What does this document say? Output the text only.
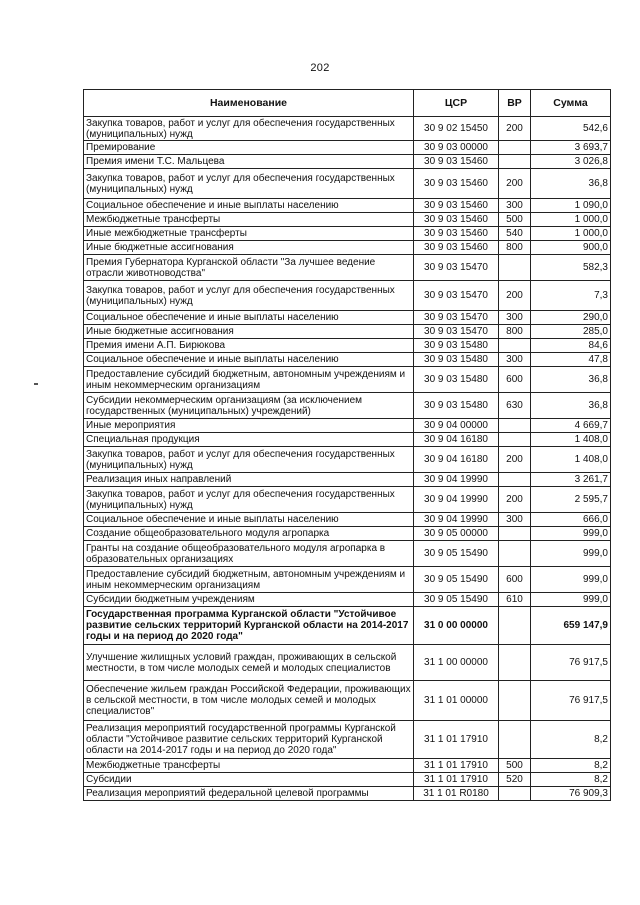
202
Наименование	ЦСР	ВР	Сумма
Закупка товаров, работ и услуг для обеспечения государственных (муниципальных) нужд	30 9 02 15450	200	542,6
Премирование	30 9 03 00000		3 693,7
Премия имени Т.С. Мальцева	30 9 03 15460		3 026,8
Закупка товаров, работ и услуг для обеспечения государственных (муниципальных) нужд	30 9 03 15460	200	36,8
Социальное обеспечение и иные выплаты населению	30 9 03 15460	300	1 090,0
Межбюджетные трансферты	30 9 03 15460	500	1 000,0
Иные межбюджетные трансферты	30 9 03 15460	540	1 000,0
Иные бюджетные ассигнования	30 9 03 15460	800	900,0
Премия Губернатора Курганской области "За лучшее ведение отрасли животноводства"	30 9 03 15470		582,3
Закупка товаров, работ и услуг для обеспечения государственных (муниципальных) нужд	30 9 03 15470	200	7,3
Социальное обеспечение и иные выплаты населению	30 9 03 15470	300	290,0
Иные бюджетные ассигнования	30 9 03 15470	800	285,0
Премия имени А.П. Бирюкова	30 9 03 15480		84,6
Социальное обеспечение и иные выплаты населению	30 9 03 15480	300	47,8
Предоставление субсидий бюджетным, автономным учреждениям и иным некоммерческим организациям	30 9 03 15480	600	36,8
Субсидии некоммерческим организациям (за исключением государственных (муниципальных) учреждений)	30 9 03 15480	630	36,8
Иные мероприятия	30 9 04 00000		4 669,7
Специальная продукция	30 9 04 16180		1 408,0
Закупка товаров, работ и услуг для обеспечения государственных (муниципальных) нужд	30 9 04 16180	200	1 408,0
Реализация иных направлений	30 9 04 19990		3 261,7
Закупка товаров, работ и услуг для обеспечения государственных (муниципальных) нужд	30 9 04 19990	200	2 595,7
Социальное обеспечение и иные выплаты населению	30 9 04 19990	300	666,0
Создание общеобразовательного модуля агропарка	30 9 05 00000		999,0
Гранты на создание общеобразовательного модуля агропарка в образовательных организациях	30 9 05 15490		999,0
Предоставление субсидий бюджетным, автономным учреждениям и иным некоммерческим организациям	30 9 05 15490	600	999,0
Субсидии бюджетным учреждениям	30 9 05 15490	610	999,0
Государственная программа Курганской области "Устойчивое развитие сельских территорий Курганской области на 2014-2017 годы и на период до 2020 года"	31 0 00 00000		659 147,9
Улучшение жилищных условий граждан, проживающих в сельской местности, в том числе молодых семей и молодых специалистов	31 1 00 00000		76 917,5
Обеспечение жильем граждан Российской Федерации, проживающих в сельской местности, в том числе молодых семей и молодых специалистов"	31 1 01 00000		76 917,5
Реализация мероприятий государственной программы Курганской области "Устойчивое развитие сельских территорий Курганской области на 2014-2017 годы и на период до 2020 года"	31 1 01 17910		8,2
Межбюджетные трансферты	31 1 01 17910	500	8,2
Субсидии	31 1 01 17910	520	8,2
Реализация мероприятий федеральной целевой программы	31 1 01 R0180		76 909,3
